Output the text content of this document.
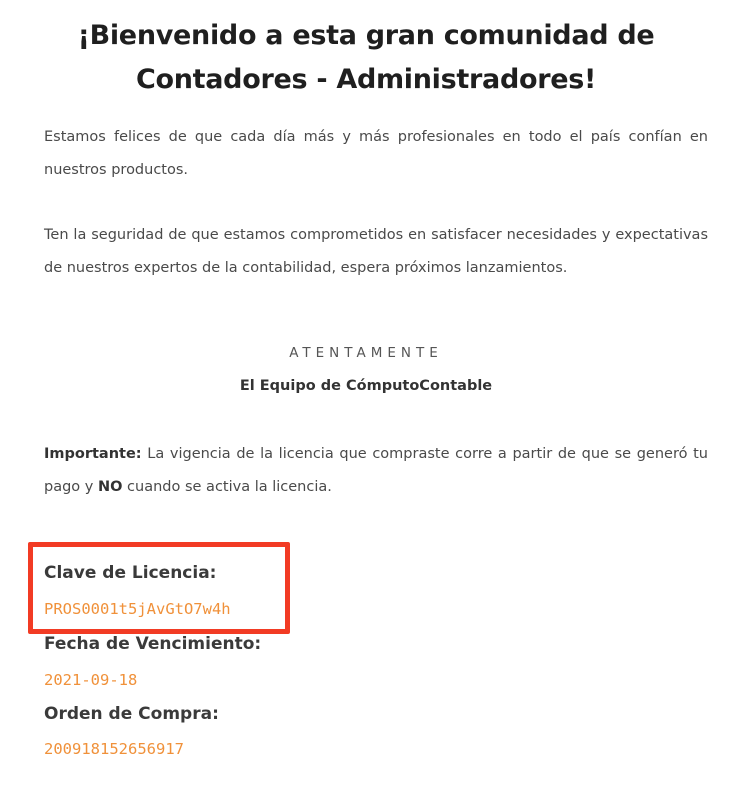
¡Bienvenido a esta gran comunidad de Contadores - Administradores!

Estamos felices de que cada día más y más profesionales en todo el país confían en nuestros productos.

Ten la seguridad de que estamos comprometidos en satisfacer necesidades y expectativas de nuestros expertos de la contabilidad, espera próximos lanzamientos.

ATENTAMENTE

El Equipo de CómputoContable

Importante: La vigencia de la licencia que compraste corre a partir de que se generó tu pago y NO cuando se activa la licencia.

Clave de Licencia:

PROS0001t5jAvGtO7w4h

Fecha de Vencimiento:

2021-09-18

Orden de Compra:

200918152656917
